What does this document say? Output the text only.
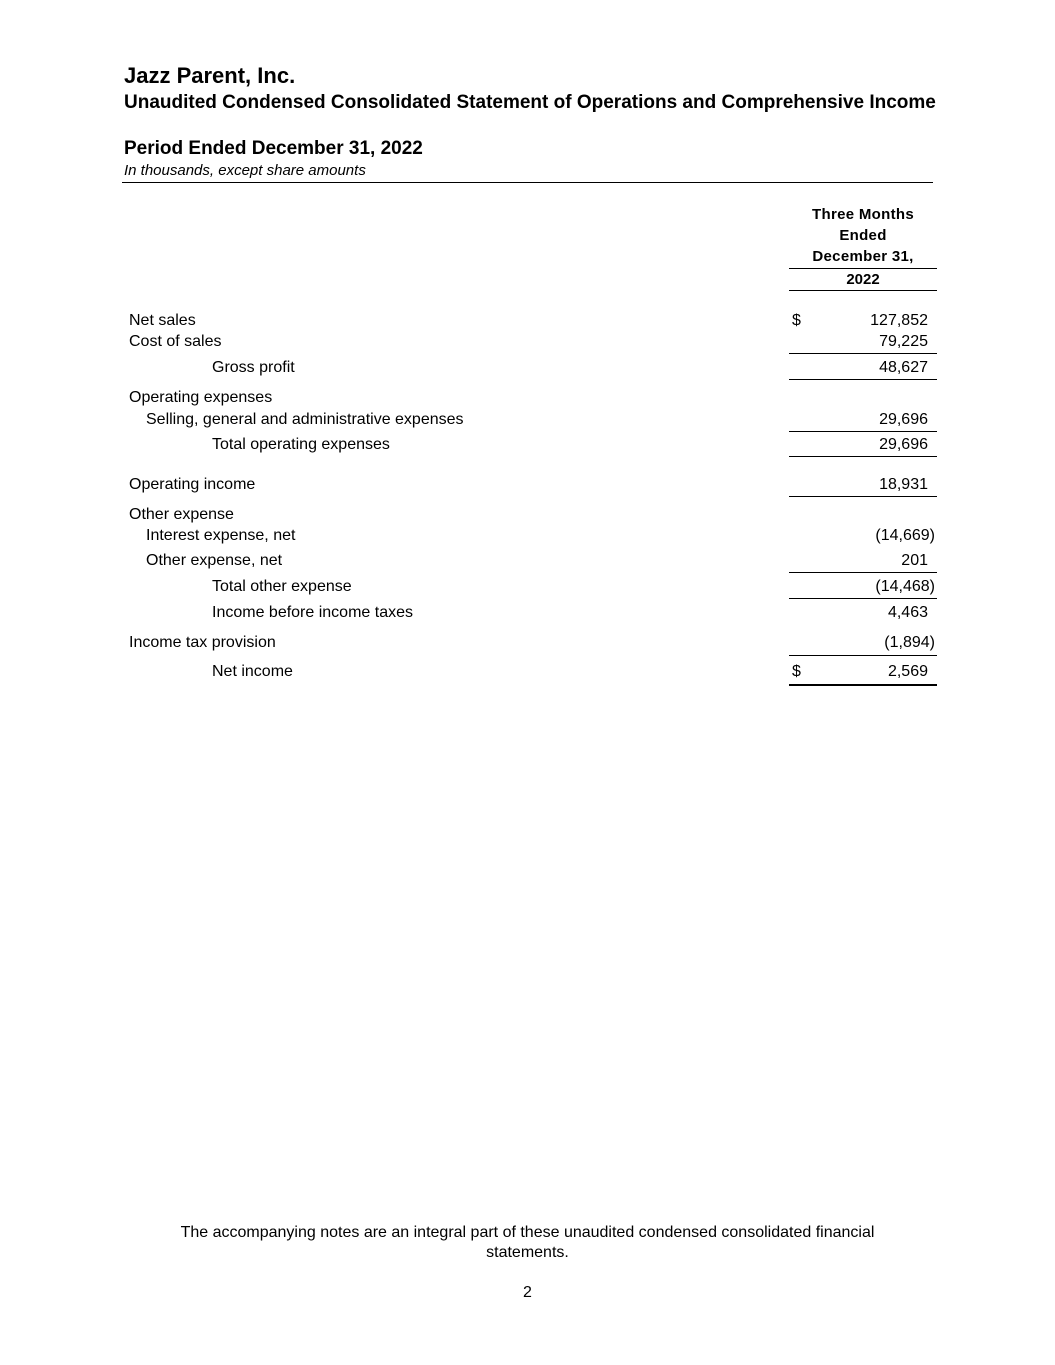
Jazz Parent, Inc.
Unaudited Condensed Consolidated Statement of Operations and Comprehensive Income
Period Ended December 31, 2022
In thousands, except share amounts
Three Months
Ended
December 31,
2022
Net sales	$	127,852
Cost of sales	79,225
Gross profit	48,627
Operating expenses
Selling, general and administrative expenses	29,696
Total operating expenses	29,696
Operating income	18,931
Other expense
Interest expense, net	(14,669)
Other expense, net	201
Total other expense	(14,468)
Income before income taxes	4,463
Income tax provision	(1,894)
Net income	$	2,569
The accompanying notes are an integral part of these unaudited condensed consolidated financial statements.
2
